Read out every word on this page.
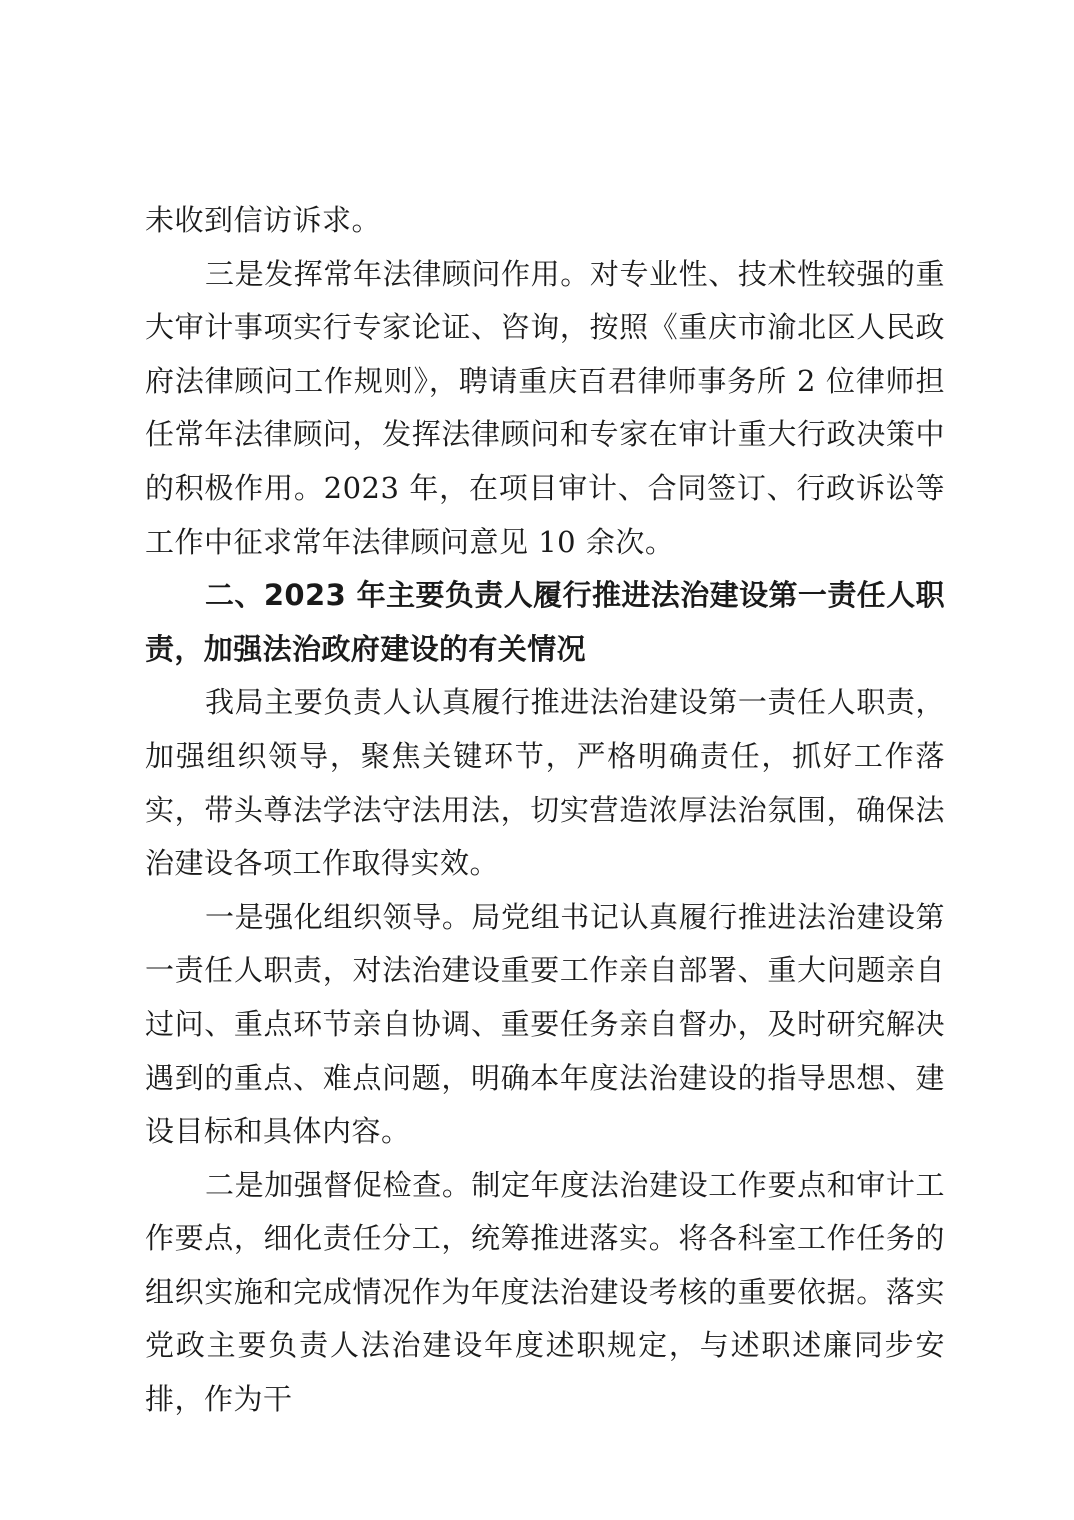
未收到信访诉求。

三是发挥常年法律顾问作用。对专业性、技术性较强的重大审计事项实行专家论证、咨询，按照《重庆市渝北区人民政府法律顾问工作规则》，聘请重庆百君律师事务所 2 位律师担任常年法律顾问，发挥法律顾问和专家在审计重大行政决策中的积极作用。2023 年，在项目审计、合同签订、行政诉讼等工作中征求常年法律顾问意见 10 余次。

二、2023 年主要负责人履行推进法治建设第一责任人职责，加强法治政府建设的有关情况

我局主要负责人认真履行推进法治建设第一责任人职责，加强组织领导，聚焦关键环节，严格明确责任，抓好工作落实，带头尊法学法守法用法，切实营造浓厚法治氛围，确保法治建设各项工作取得实效。

一是强化组织领导。局党组书记认真履行推进法治建设第一责任人职责，对法治建设重要工作亲自部署、重大问题亲自过问、重点环节亲自协调、重要任务亲自督办，及时研究解决遇到的重点、难点问题，明确本年度法治建设的指导思想、建设目标和具体内容。

二是加强督促检查。制定年度法治建设工作要点和审计工作要点，细化责任分工，统筹推进落实。将各科室工作任务的组织实施和完成情况作为年度法治建设考核的重要依据。落实党政主要负责人法治建设年度述职规定，与述职述廉同步安排，作为干
